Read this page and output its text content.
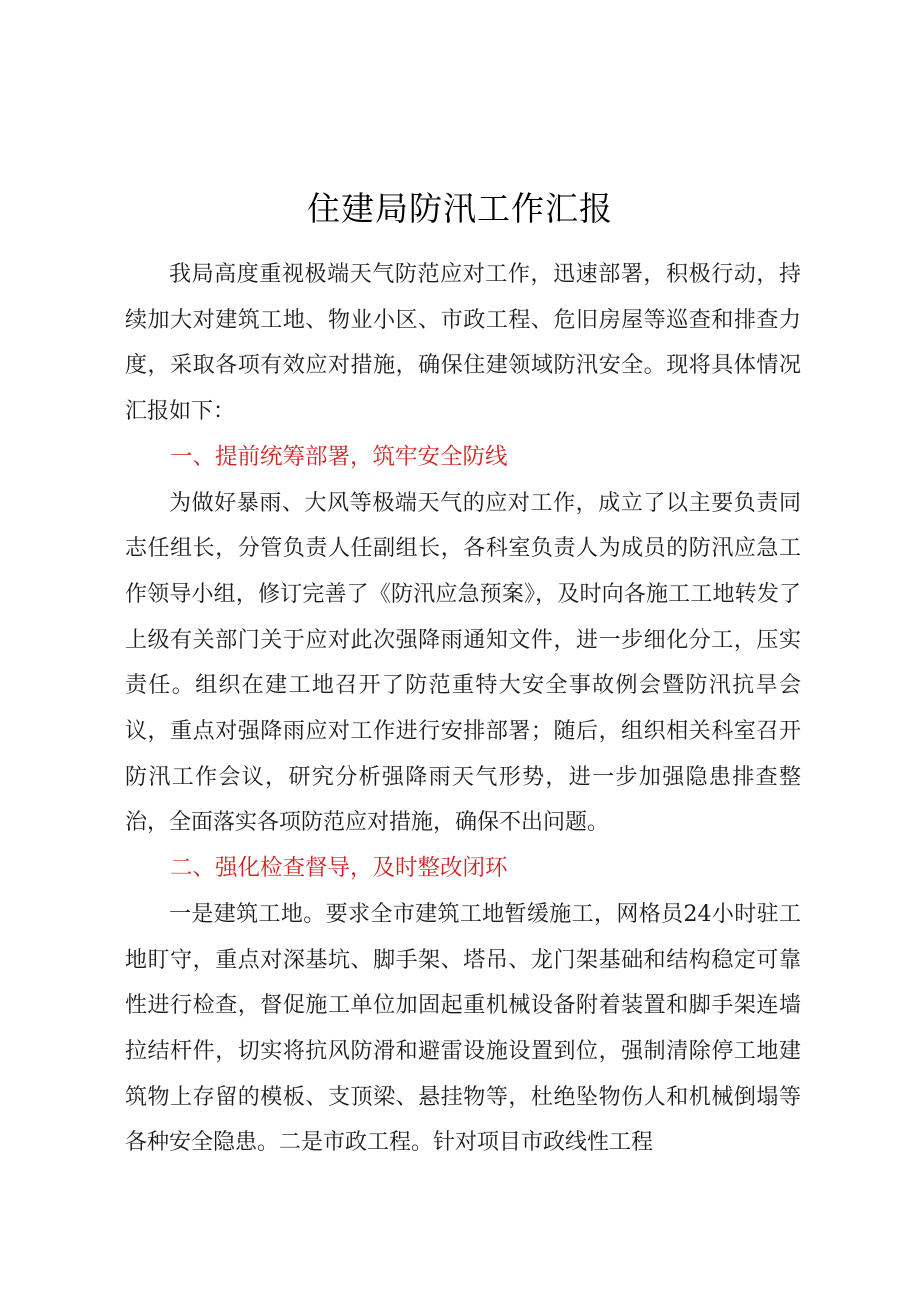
住建局防汛工作汇报

我局高度重视极端天气防范应对工作，迅速部署，积极行动，持续加大对建筑工地、物业小区、市政工程、危旧房屋等巡查和排查力度，采取各项有效应对措施，确保住建领域防汛安全。现将具体情况汇报如下：

一、提前统筹部署，筑牢安全防线

为做好暴雨、大风等极端天气的应对工作，成立了以主要负责同志任组长，分管负责人任副组长，各科室负责人为成员的防汛应急工作领导小组，修订完善了《防汛应急预案》，及时向各施工工地转发了上级有关部门关于应对此次强降雨通知文件，进一步细化分工，压实责任。组织在建工地召开了防范重特大安全事故例会暨防汛抗旱会议，重点对强降雨应对工作进行安排部署；随后，组织相关科室召开防汛工作会议，研究分析强降雨天气形势，进一步加强隐患排查整治，全面落实各项防范应对措施，确保不出问题。

二、强化检查督导，及时整改闭环

一是建筑工地。要求全市建筑工地暂缓施工，网格员24小时驻工地盯守，重点对深基坑、脚手架、塔吊、龙门架基础和结构稳定可靠性进行检查，督促施工单位加固起重机械设备附着装置和脚手架连墙拉结杆件，切实将抗风防滑和避雷设施设置到位，强制清除停工地建筑物上存留的模板、支顶梁、悬挂物等，杜绝坠物伤人和机械倒塌等各种安全隐患。二是市政工程。针对项目市政线性工程
